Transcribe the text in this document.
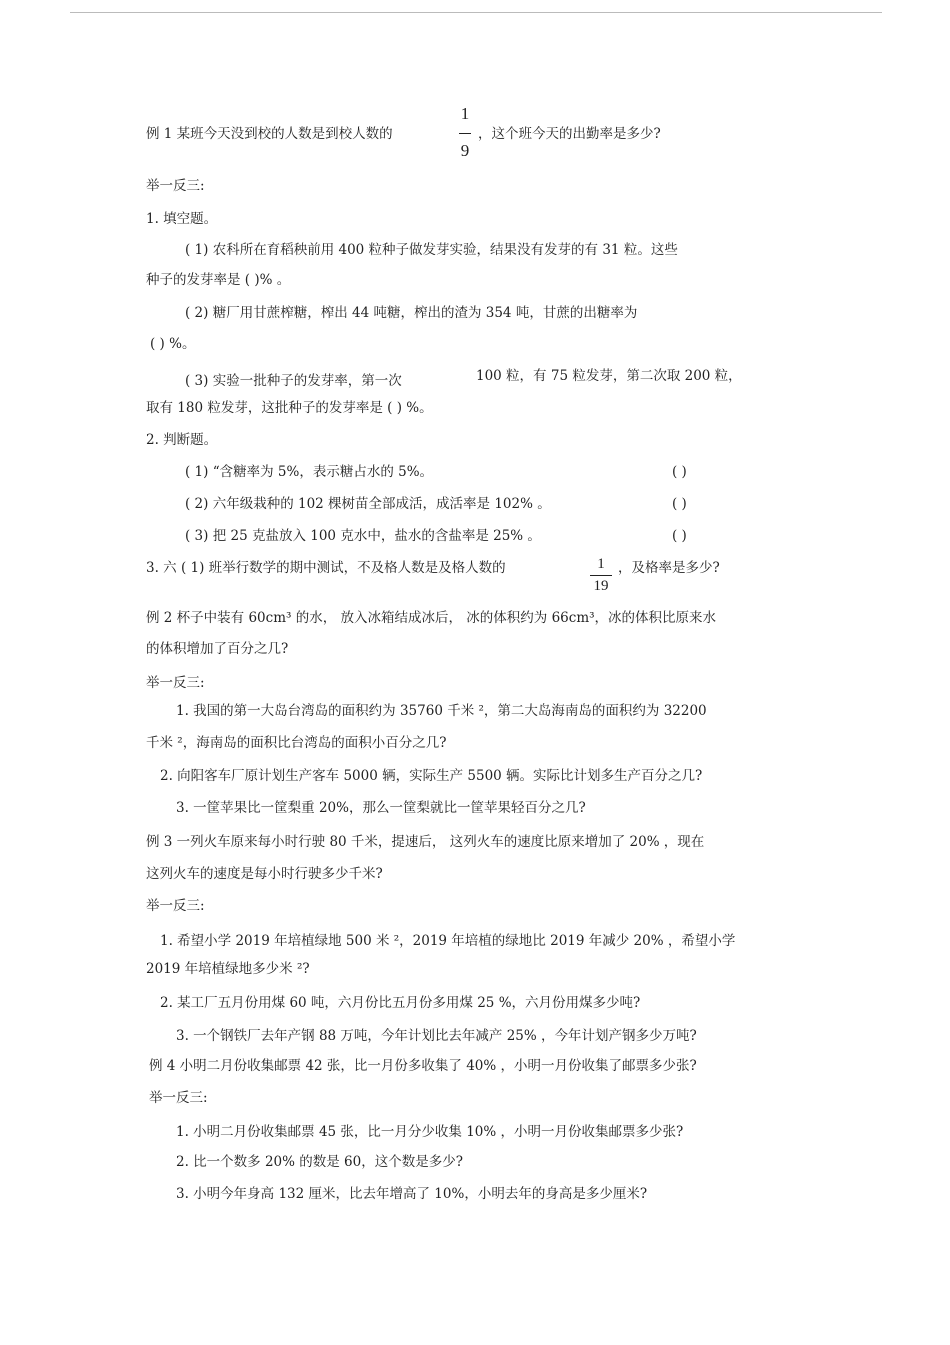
例 1 某班今天没到校的人数是到校人数的
1
9
，这个班今天的出勤率是多少?
举一反三:
1. 填空题。
( 1) 农科所在育稻秧前用 400 粒种子做发芽实验，结果没有发芽的有 31 粒。这些
种子的发芽率是 ( )% 。
( 2) 糖厂用甘蔗榨糖，榨出 44 吨糖，榨出的渣为 354 吨，甘蔗的出糖率为
( ) %。
( 3) 实验一批种子的发芽率，第一次	100 粒，有 75 粒发芽，第二次取 200 粒，
取有 180 粒发芽，这批种子的发芽率是 ( ) %。
2. 判断题。
( 1) “含糖率为 5%，表示糖占水的 5%。	( )
( 2) 六年级栽种的 102 棵树苗全部成活，成活率是 102% 。	( )
( 3) 把 25 克盐放入 100 克水中，盐水的含盐率是 25% 。	( )
3. 六 ( 1) 班举行数学的期中测试，不及格人数是及格人数的	1
19
，及格率是多少?
例 2 杯子中装有 60cm³ 的水， 放入冰箱结成冰后， 冰的体积约为 66cm³，冰的体积比原来水
的体积增加了百分之几?
举一反三:
1. 我国的第一大岛台湾岛的面积约为 35760 千米 ²，第二大岛海南岛的面积约为 32200
千米 ²，海南岛的面积比台湾岛的面积小百分之几?
2. 向阳客车厂原计划生产客车 5000 辆，实际生产 5500 辆。实际比计划多生产百分之几?
3. 一筐苹果比一筐梨重 20%，那么一筐梨就比一筐苹果轻百分之几?
例 3 一列火车原来每小时行驶 80 千米，提速后， 这列火车的速度比原来增加了 20% ，现在
这列火车的速度是每小时行驶多少千米?
举一反三:
1. 希望小学 2019 年培植绿地 500 米 ²，2019 年培植的绿地比 2019 年减少 20% ，希望小学
2019 年培植绿地多少米 ²?
2. 某工厂五月份用煤 60 吨，六月份比五月份多用煤 25 %，六月份用煤多少吨?
3. 一个钢铁厂去年产钢 88 万吨，今年计划比去年减产 25% ，今年计划产钢多少万吨?
例 4 小明二月份收集邮票 42 张，比一月份多收集了 40% ，小明一月份收集了邮票多少张?
举一反三:
1. 小明二月份收集邮票 45 张，比一月分少收集 10% ，小明一月份收集邮票多少张?
2. 比一个数多 20% 的数是 60，这个数是多少?
3. 小明今年身高 132 厘米，比去年增高了 10%，小明去年的身高是多少厘米?
